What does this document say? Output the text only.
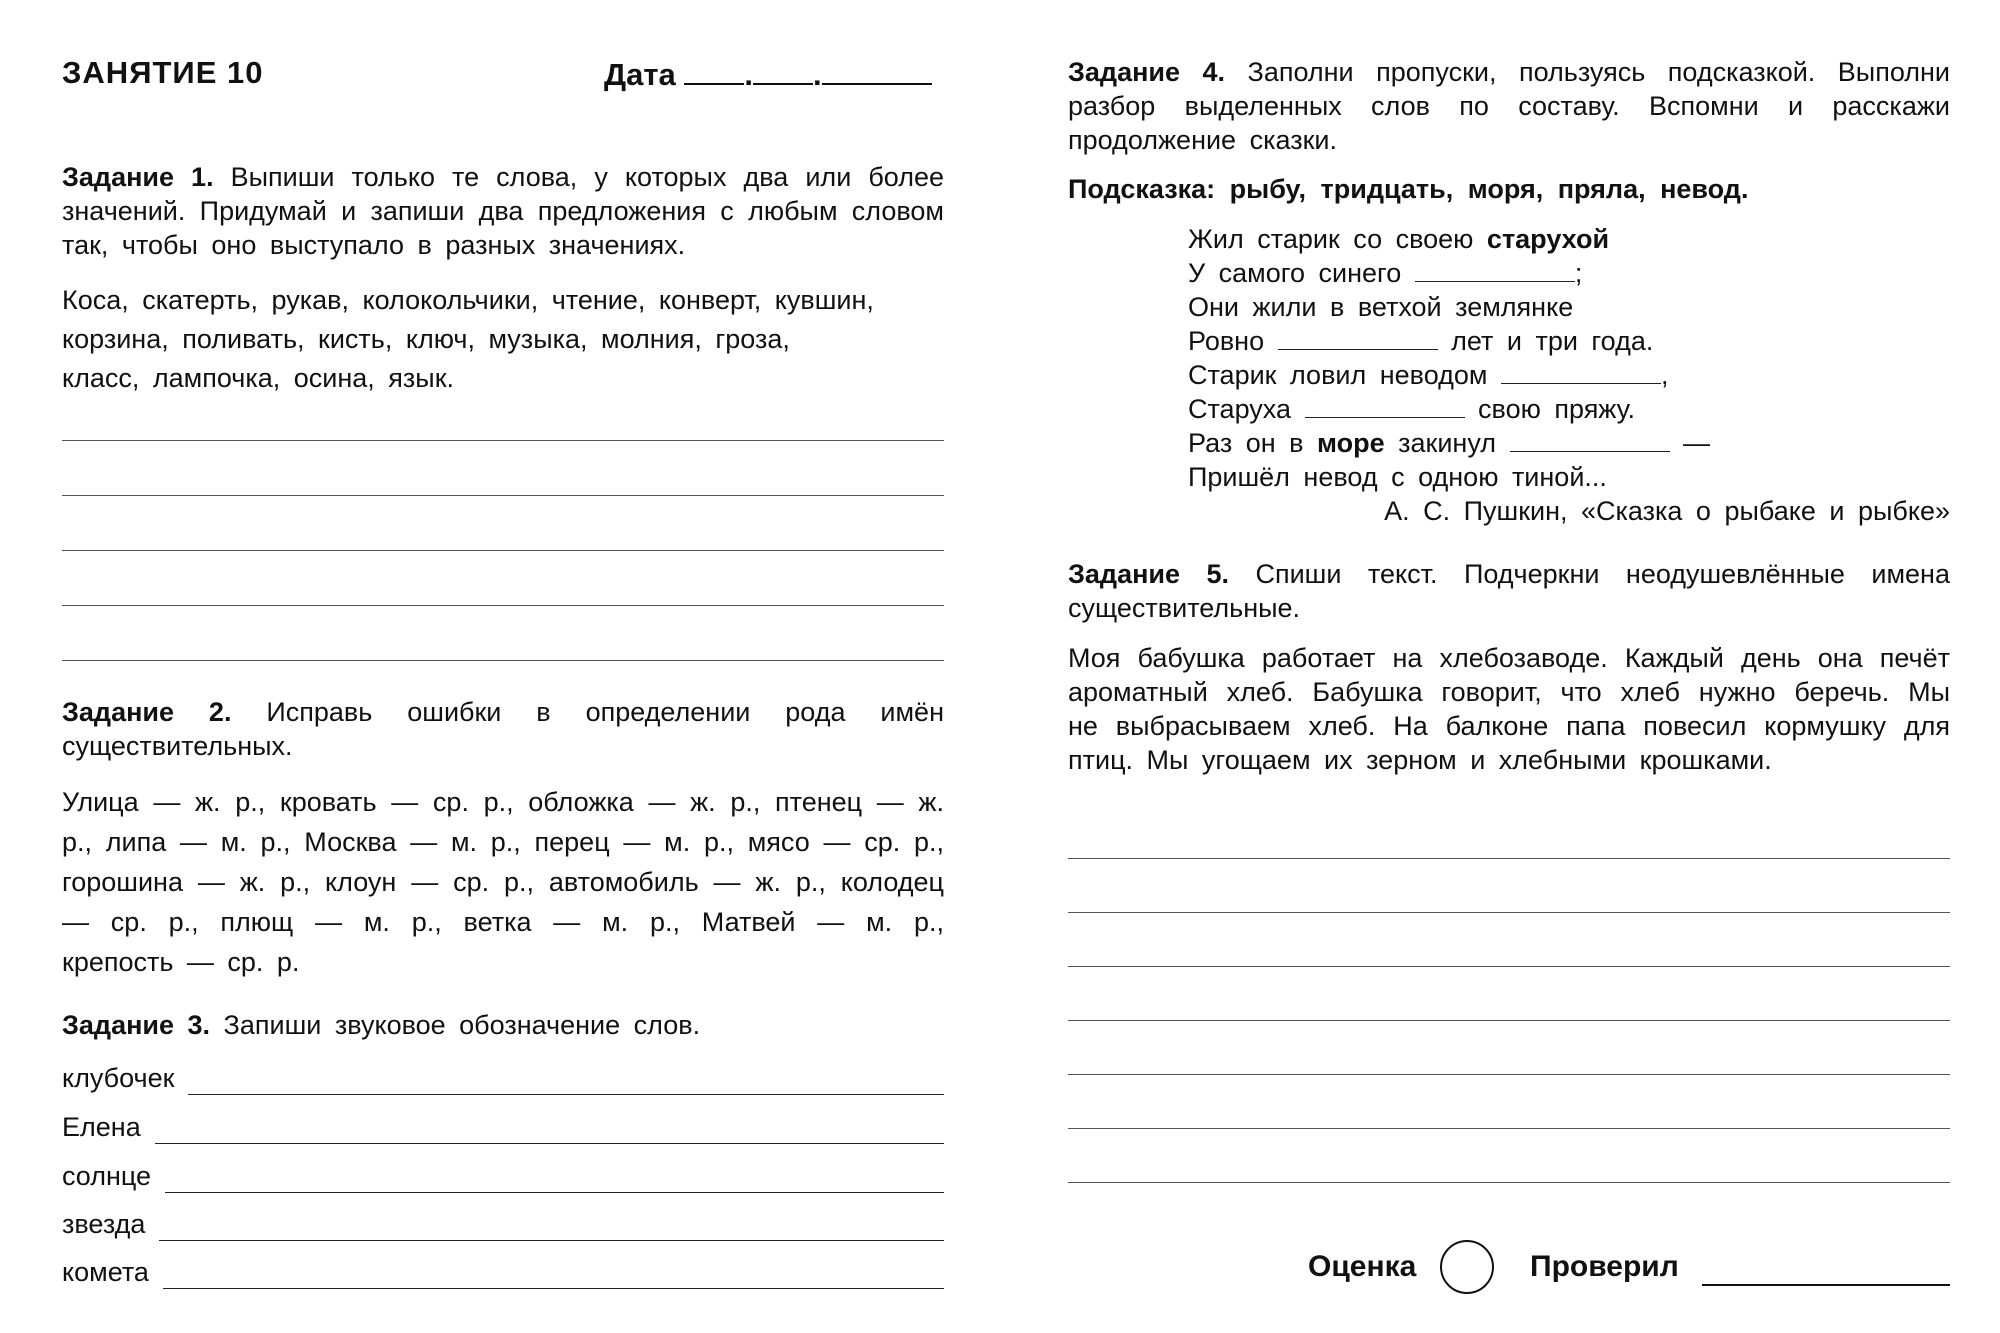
ЗАНЯТИЕ 10	Дата . .

Задание 1. Выпиши только те слова, у которых два или более значений. Придумай и запиши два предложения с любым словом так, чтобы оно выступало в разных значениях.

Коса, скатерть, рукав, колокольчики, чтение, конверт, кувшин,
корзина, поливать, кисть, ключ, музыка, молния, гроза,
класс, лампочка, осина, язык.

Задание 2. Исправь ошибки в определении рода имён существительных.

Улица — ж. р., кровать — ср. р., обложка — ж. р., птенец — ж. р., липа — м. р., Москва — м. р., перец — м. р., мясо — ср. р., горошина — ж. р., клоун — ср. р., автомобиль — ж. р., колодец — ср. р., плющ — м. р., ветка — м. р., Матвей — м. р., крепость — ср. р.

Задание 3. Запиши звуковое обозначение слов.

клубочек
Елена
солнце
звезда
комета

Задание 4. Заполни пропуски, пользуясь подсказкой. Выполни разбор выделенных слов по составу. Вспомни и расскажи продолжение сказки.

Подсказка: рыбу, тридцать, моря, пряла, невод.

Жил старик со своею старухой
У самого синего	;
Они жили в ветхой землянке
Ровно	лет и три года.
Старик ловил неводом	,
Старуха	свою пряжу.
Раз он в море закинул	—
Пришёл невод с одною тиной...
А. С. Пушкин, «Сказка о рыбаке и рыбке»

Задание 5. Спиши текст. Подчеркни неодушевлённые имена существительные.

Моя бабушка работает на хлебозаводе. Каждый день она печёт ароматный хлеб. Бабушка говорит, что хлеб нужно беречь. Мы не выбрасываем хлеб. На балконе папа повесил кормушку для птиц. Мы угощаем их зерном и хлебными крошками.

Оценка	Проверил
